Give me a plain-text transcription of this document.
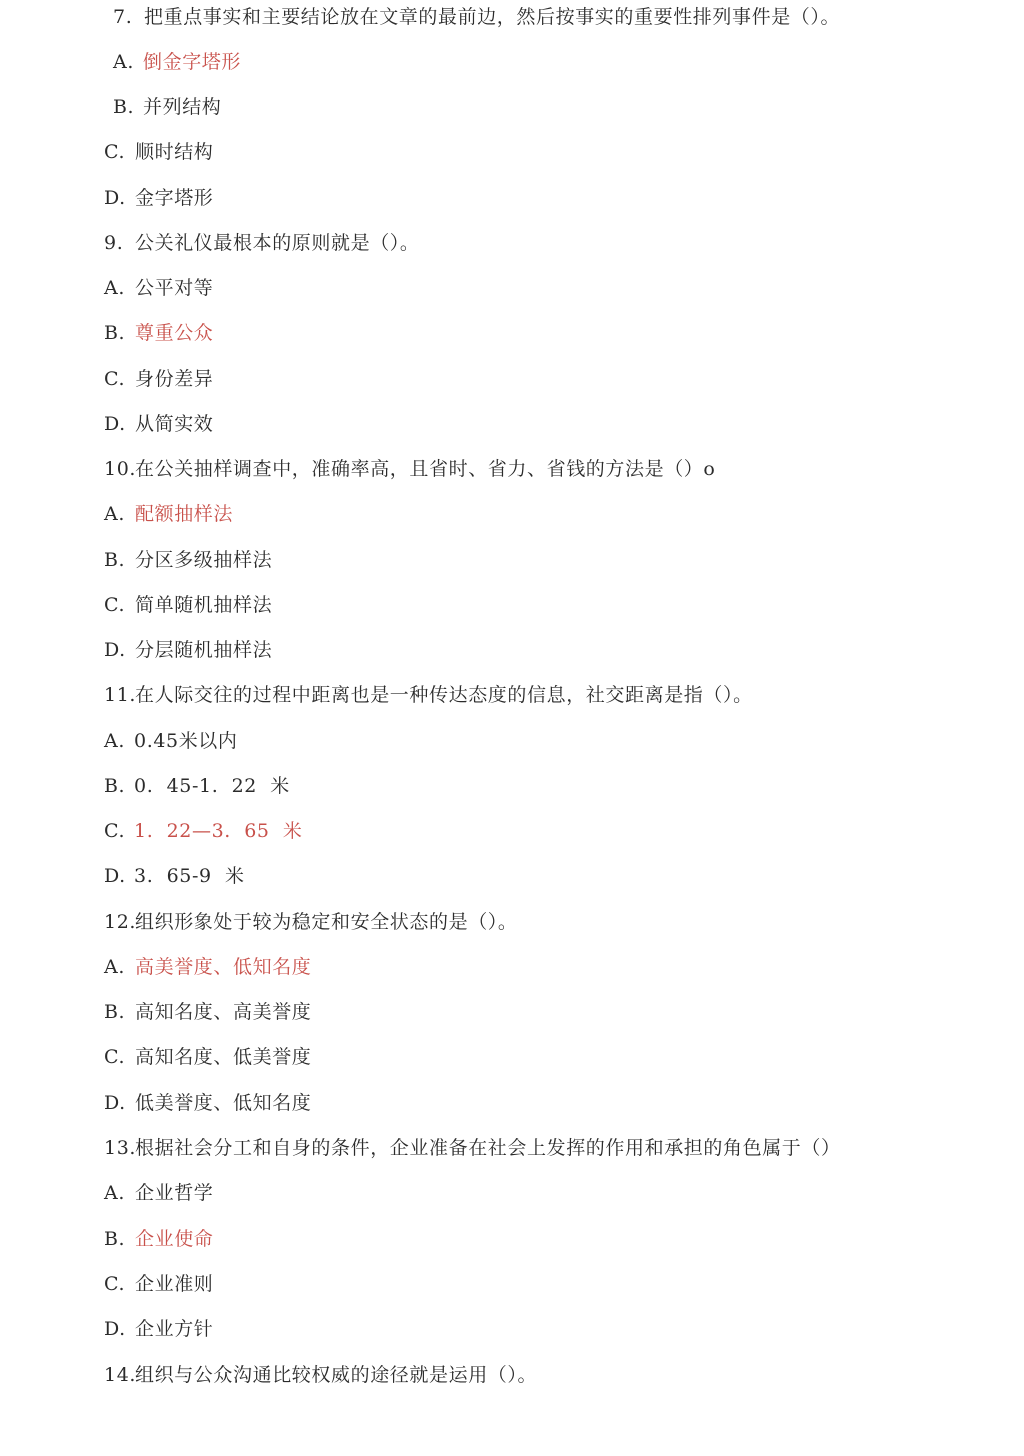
7. 把重点事实和主要结论放在文章的最前边，然后按事实的重要性排列事件是（）。
A. 倒金字塔形
B. 并列结构
C. 顺时结构
D. 金字塔形
9. 公关礼仪最根本的原则就是（）。
A. 公平对等
B. 尊重公众
C. 身份差异
D. 从简实效
10.在公关抽样调查中，准确率高，且省时、省力、省钱的方法是（）o
A. 配额抽样法
B. 分区多级抽样法
C. 简单随机抽样法
D. 分层随机抽样法
11.在人际交往的过程中距离也是一种传达态度的信息，社交距离是指（）。
A. 0.45米以内
B. 0.  45-1.  22  米
C. 1.  22—3.  65  米
D. 3.  65-9  米
12.组织形象处于较为稳定和安全状态的是（）。
A. 高美誉度、低知名度
B. 高知名度、高美誉度
C. 高知名度、低美誉度
D. 低美誉度、低知名度
13.根据社会分工和自身的条件，企业准备在社会上发挥的作用和承担的角色属于（）
A. 企业哲学
B. 企业使命
C. 企业准则
D. 企业方针
14.组织与公众沟通比较权威的途径就是运用（）。
